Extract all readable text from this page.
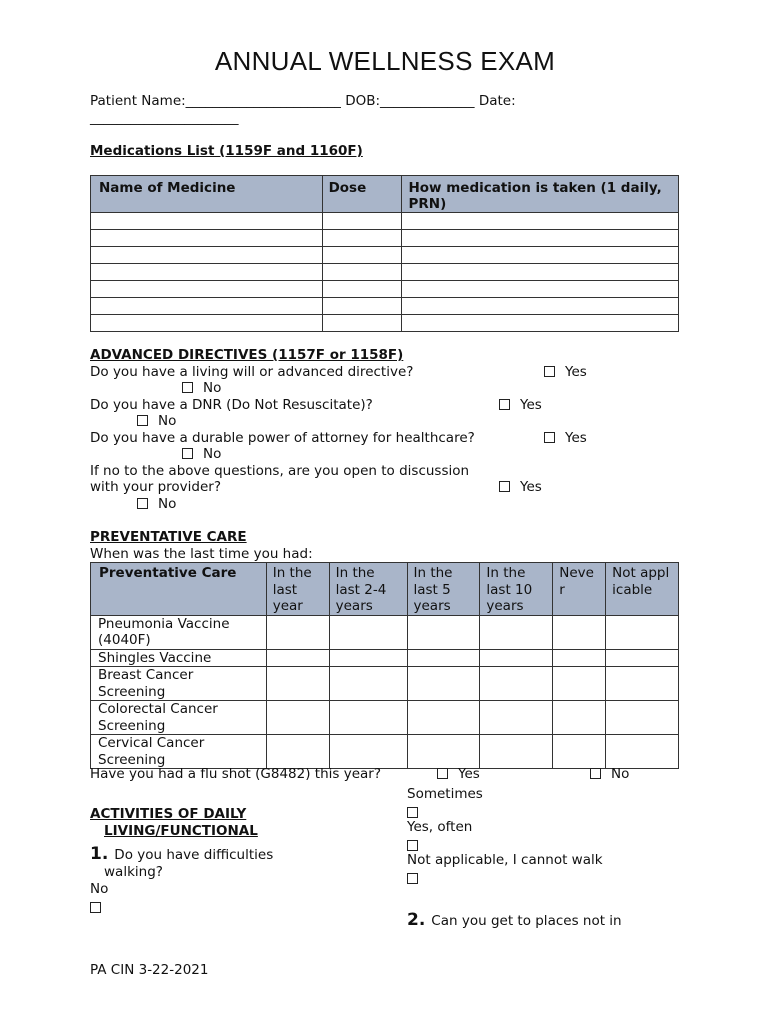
ANNUAL WELLNESS EXAM
Patient Name:_______________________ DOB:______________ Date:
______________________
Medications List (1159F and 1160F)
Name of Medicine	Dose	How medication is taken (1 daily, PRN)

ADVANCED DIRECTIVES (1157F or 1158F)
Do you have a living will or advanced directive?	Yes
No
Do you have a DNR (Do Not Resuscitate)?	Yes
No
Do you have a durable power of attorney for healthcare?	Yes
No
If no to the above questions, are you open to discussion
with your provider?	Yes
No
PREVENTATIVE CARE
When was the last time you had:
Preventative Care	In the last year	In the last 2-4 years	In the last 5 years	In the last 10 years	Never	Not applicable
Pneumonia Vaccine (4040F)						
Shingles Vaccine						
Breast Cancer Screening						
Colorectal Cancer Screening						
Cervical Cancer Screening						
Have you had a flu shot (G8482) this year?	Yes	No
ACTIVITIES OF DAILY
LIVING/FUNCTIONAL
1. Do you have difficulties
walking?
No
Sometimes
Yes, often
Not applicable, I cannot walk
2. Can you get to places not in
PA CIN 3-22-2021
